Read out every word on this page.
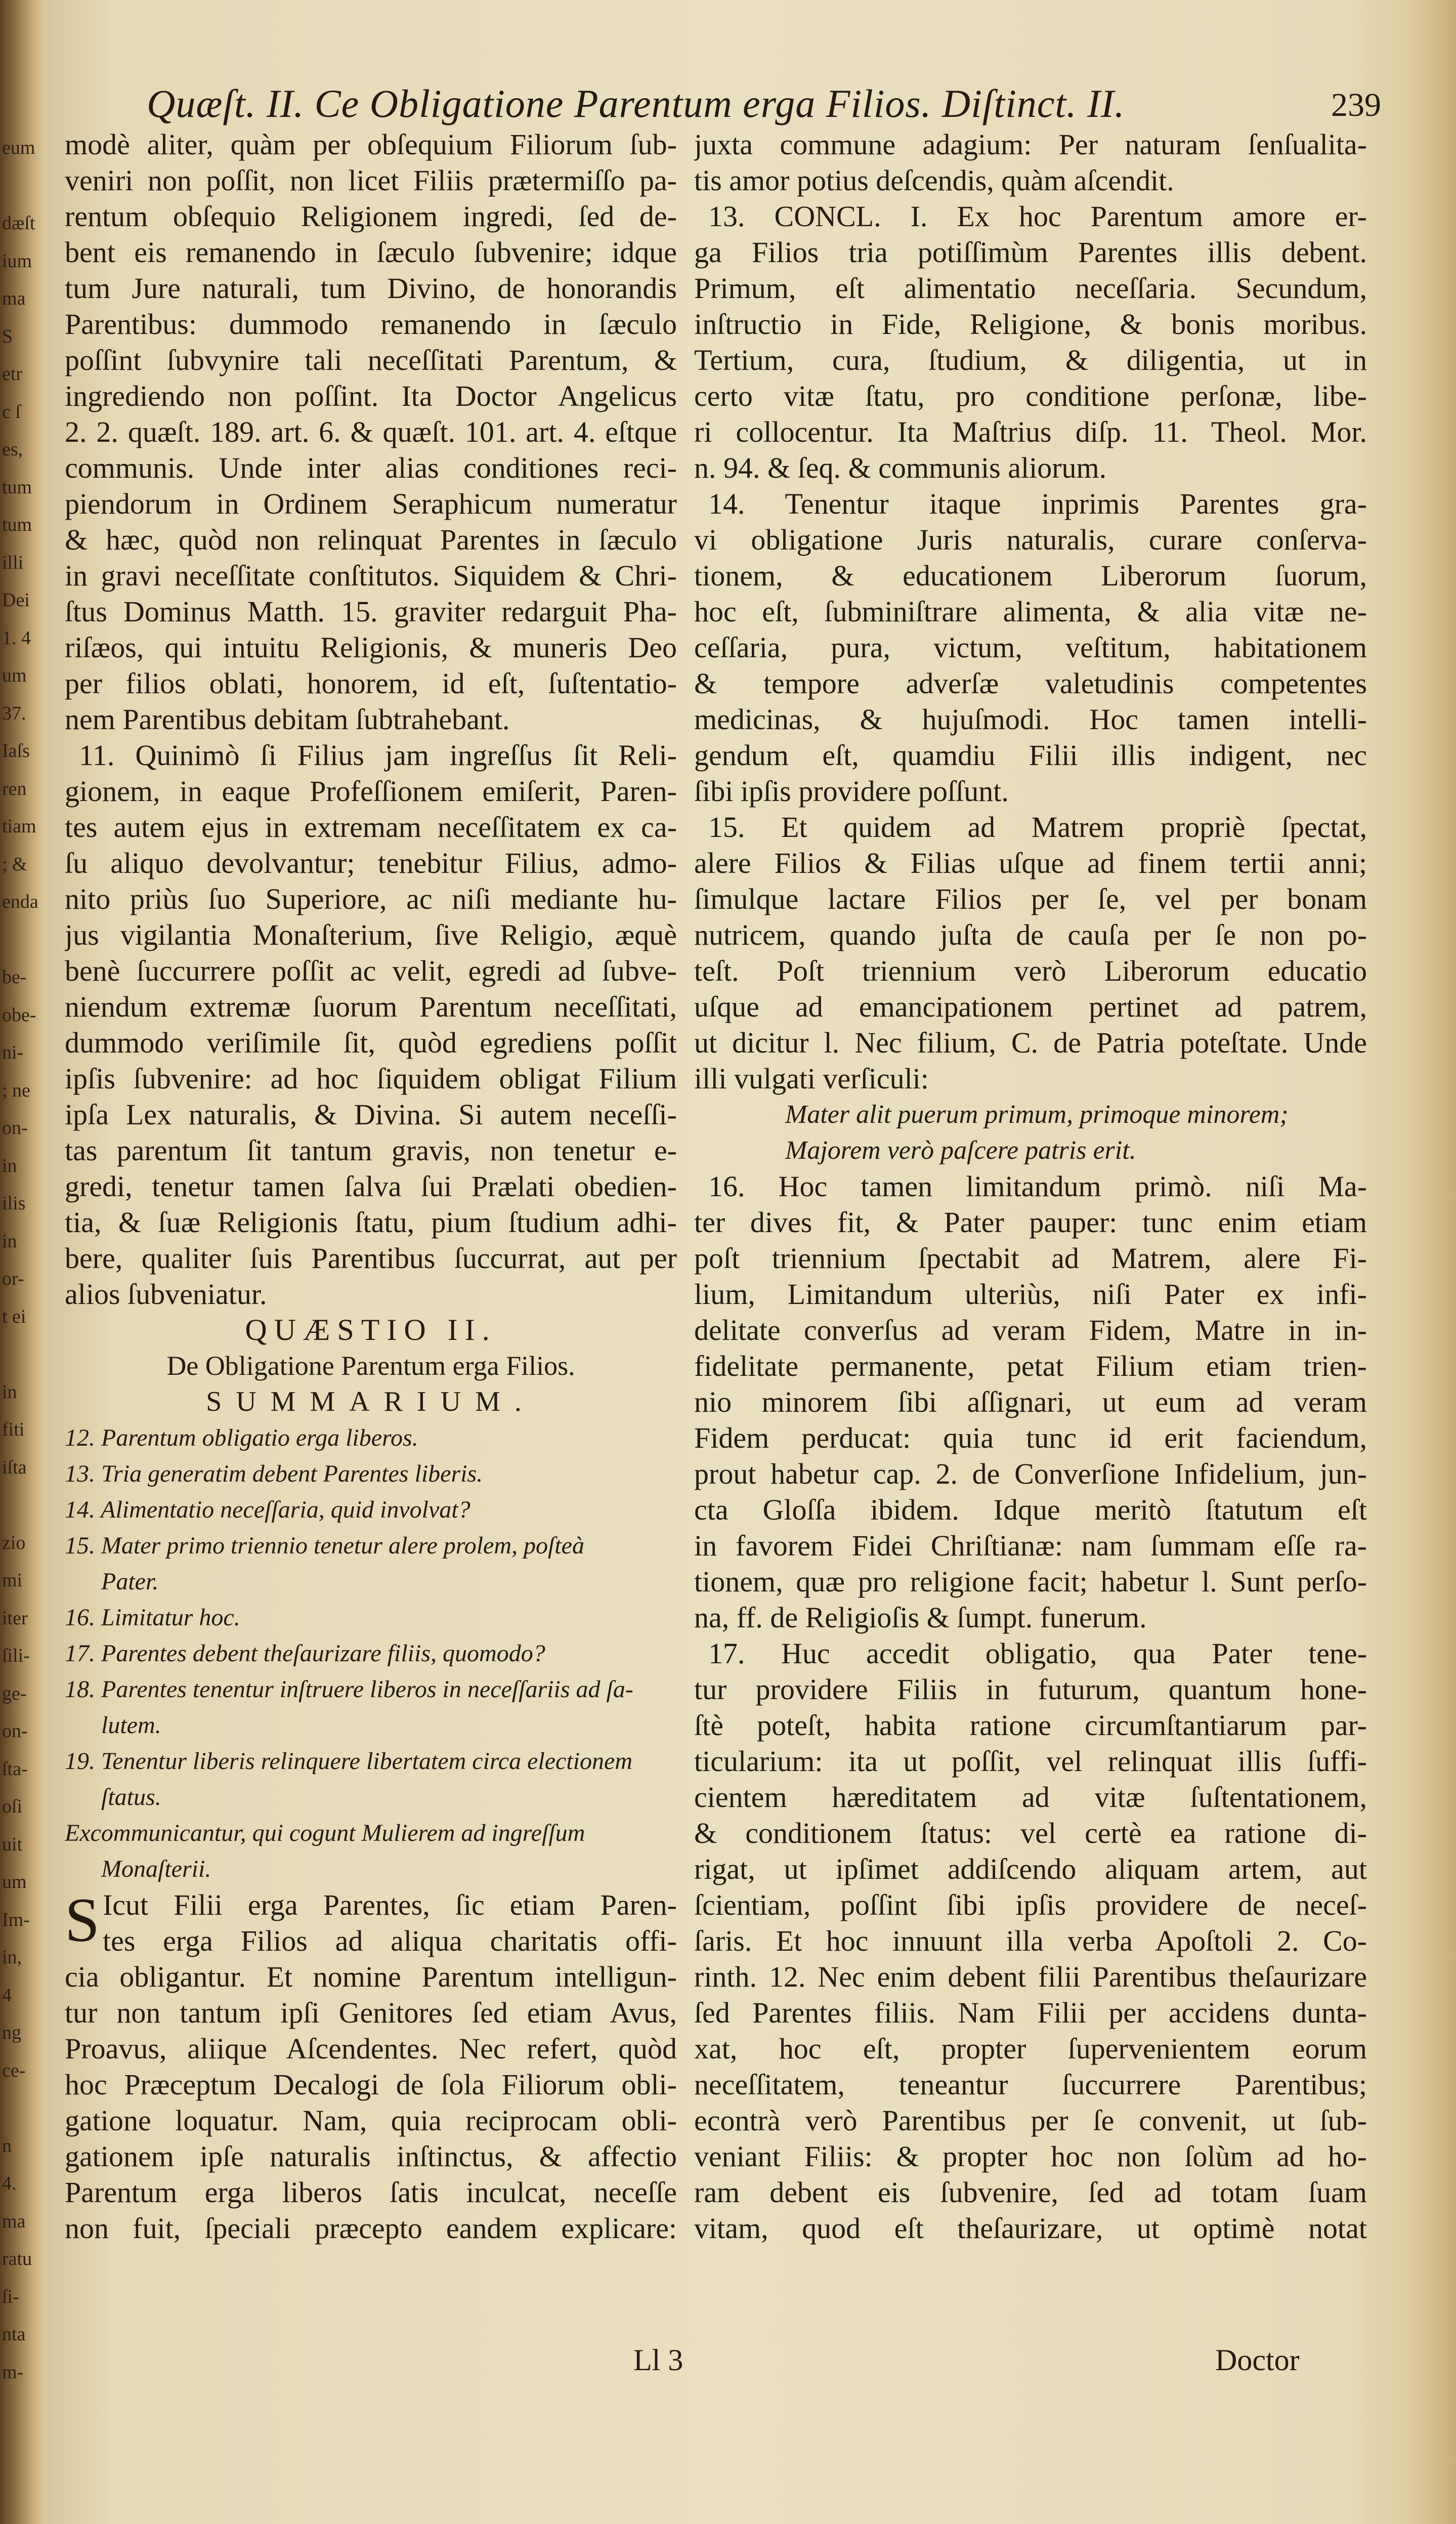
eum
dæſt
ium
ma
S
etr
c ſ
es,
tum
tum
illi
Dei
1. 4
um
37.
Iaſs
ren
tiam
; &
enda
be-
obe-
ni-
; ne
on-
in
ilis
in
or-
t ei
in
fiti
iſta
zio
mi
iter
ſili-
ge-
on-
ſta-
oſi
uit
um
Im-
in,
4
ng
ce-
n
4.
ma
ratu
ſi-
nta
m-
Quæſt. II. Ce Obligatione Parentum erga Filios. Diſtinct. II.	239
modè aliter, quàm per obſequium Filiorum ſub-
veniri non poſſit, non licet Filiis prætermiſſo pa-
rentum obſequio Religionem ingredi, ſed de-
bent eis remanendo in ſæculo ſubvenire; idque
tum Jure naturali, tum Divino, de honorandis
Parentibus: dummodo remanendo in ſæculo
poſſint ſubvynire tali neceſſitati Parentum, &
ingrediendo non poſſint. Ita Doctor Angelicus
2. 2. quæſt. 189. art. 6. & quæſt. 101. art. 4. eſtque
communis. Unde inter alias conditiones reci-
piendorum in Ordinem Seraphicum numeratur
& hæc, quòd non relinquat Parentes in ſæculo
in gravi neceſſitate conſtitutos. Siquidem & Chri-
ſtus Dominus Matth. 15. graviter redarguit Pha-
riſæos, qui intuitu Religionis, & muneris Deo
per filios oblati, honorem, id eſt, ſuſtentatio-
nem Parentibus debitam ſubtrahebant.
11. Quinimò ſi Filius jam ingreſſus ſit Reli-
gionem, in eaque Profeſſionem emiſerit, Paren-
tes autem ejus in extremam neceſſitatem ex ca-
ſu aliquo devolvantur; tenebitur Filius, admo-
nito priùs ſuo Superiore, ac niſi mediante hu-
jus vigilantia Monaſterium, ſive Religio, æquè
benè ſuccurrere poſſit ac velit, egredi ad ſubve-
niendum extremæ ſuorum Parentum neceſſitati,
dummodo veriſimile ſit, quòd egrediens poſſit
ipſis ſubvenire: ad hoc ſiquidem obligat Filium
ipſa Lex naturalis, & Divina. Si autem neceſſi-
tas parentum ſit tantum gravis, non tenetur e-
gredi, tenetur tamen ſalva ſui Prælati obedien-
tia, & ſuæ Religionis ſtatu, pium ſtudium adhi-
bere, qualiter ſuis Parentibus ſuccurrat, aut per
alios ſubveniatur.
QUÆSTIO II.
De Obligatione Parentum erga Filios.
SUMMARIUM.
12. Parentum obligatio erga liberos.
13. Tria generatim debent Parentes liberis.
14. Alimentatio neceſſaria, quid involvat?
15. Mater primo triennio tenetur alere prolem, poſteà
Pater.
16. Limitatur hoc.
17. Parentes debent theſaurizare filiis, quomodo?
18. Parentes tenentur inſtruere liberos in neceſſariis ad ſa-
lutem.
19. Tenentur liberis relinquere libertatem circa electionem
ſtatus.
Excommunicantur, qui cogunt Mulierem ad ingreſſum
Monaſterii.
S Icut Filii erga Parentes, ſic etiam Paren-
tes erga Filios ad aliqua charitatis offi-
cia obligantur. Et nomine Parentum intelligun-
tur non tantum ipſi Genitores ſed etiam Avus,
Proavus, aliique Aſcendentes. Nec refert, quòd
hoc Præceptum Decalogi de ſola Filiorum obli-
gatione loquatur. Nam, quia reciprocam obli-
gationem ipſe naturalis inſtinctus, & affectio
Parentum erga liberos ſatis inculcat, neceſſe
non fuit, ſpeciali præcepto eandem explicare:
juxta commune adagium: Per naturam ſenſualita-
tis amor potius deſcendis, quàm aſcendit.
13. CONCL. I. Ex hoc Parentum amore er-
ga Filios tria potiſſimùm Parentes illis debent.
Primum, eſt alimentatio neceſſaria. Secundum,
inſtructio in Fide, Religione, & bonis moribus.
Tertium, cura, ſtudium, & diligentia, ut in
certo vitæ ſtatu, pro conditione perſonæ, libe-
ri collocentur. Ita Maſtrius diſp. 11. Theol. Mor.
n. 94. & ſeq. & communis aliorum.
14. Tenentur itaque inprimis Parentes gra-
vi obligatione Juris naturalis, curare conſerva-
tionem, & educationem Liberorum ſuorum,
hoc eſt, ſubminiſtrare alimenta, & alia vitæ ne-
ceſſaria, pura, victum, veſtitum, habitationem
& tempore adverſæ valetudinis competentes
medicinas, & hujuſmodi. Hoc tamen intelli-
gendum eſt, quamdiu Filii illis indigent, nec
ſibi ipſis providere poſſunt.
15. Et quidem ad Matrem propriè ſpectat,
alere Filios & Filias uſque ad finem tertii anni;
ſimulque lactare Filios per ſe, vel per bonam
nutricem, quando juſta de cauſa per ſe non po-
teſt. Poſt triennium verò Liberorum educatio
uſque ad emancipationem pertinet ad patrem,
ut dicitur l. Nec filium, C. de Patria poteſtate. Unde
illi vulgati verſiculi:
Mater alit puerum primum, primoque minorem;
Majorem verò paſcere patris erit.
16. Hoc tamen limitandum primò. niſi Ma-
ter dives fit, & Pater pauper: tunc enim etiam
poſt triennium ſpectabit ad Matrem, alere Fi-
lium, Limitandum ulteriùs, niſi Pater ex infi-
delitate converſus ad veram Fidem, Matre in in-
fidelitate permanente, petat Filium etiam trien-
nio minorem ſibi aſſignari, ut eum ad veram
Fidem perducat: quia tunc id erit faciendum,
prout habetur cap. 2. de Converſione Infidelium, jun-
cta Gloſſa ibidem. Idque meritò ſtatutum eſt
in favorem Fidei Chriſtianæ: nam ſummam eſſe ra-
tionem, quæ pro religione facit; habetur l. Sunt perſo-
na, ff. de Religioſis & ſumpt. funerum.
17. Huc accedit obligatio, qua Pater tene-
tur providere Filiis in futurum, quantum hone-
ſtè poteſt, habita ratione circumſtantiarum par-
ticularium: ita ut poſſit, vel relinquat illis ſuffi-
cientem hæreditatem ad vitæ ſuſtentationem,
& conditionem ſtatus: vel certè ea ratione di-
rigat, ut ipſimet addiſcendo aliquam artem, aut
ſcientiam, poſſint ſibi ipſis providere de neceſ-
ſaris. Et hoc innuunt illa verba Apoſtoli 2. Co-
rinth. 12. Nec enim debent filii Parentibus theſaurizare
ſed Parentes filiis. Nam Filii per accidens dunta-
xat, hoc eſt, propter ſupervenientem eorum
neceſſitatem, teneantur ſuccurrere Parentibus;
econtrà verò Parentibus per ſe convenit, ut ſub-
veniant Filiis: & propter hoc non ſolùm ad ho-
ram debent eis ſubvenire, ſed ad totam ſuam
vitam, quod eſt theſaurizare, ut optimè notat
Ll 3	Doctor
